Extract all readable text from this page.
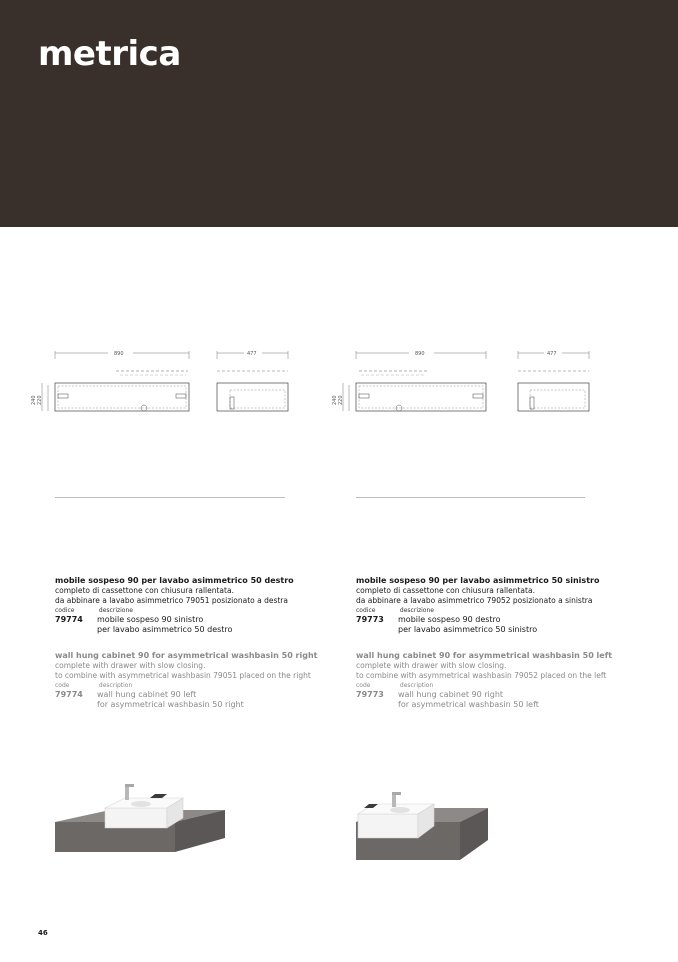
metrica
890
240 220
477	890
240 220
477
mobile sospeso 90 per lavabo asimmetrico 50 destro
completo di cassettone con chiusura rallentata.
da abbinare a lavabo asimmetrico 79051 posizionato a destra
codice	descrizione
79774	mobile sospeso 90 sinistro
per lavabo asimmetrico 50 destro
wall hung cabinet 90 for asymmetrical washbasin 50 right
complete with drawer with slow closing.
to combine with asymmetrical washbasin 79051 placed on the right
code	description
79774	wall hung cabinet 90 left
for asymmetrical washbasin 50 right
mobile sospeso 90 per lavabo asimmetrico 50 sinistro
completo di cassettone con chiusura rallentata.
da abbinare a lavabo asimmetrico 79052 posizionato a sinistra
codice	descrizione
79773	mobile sospeso 90 destro
per lavabo asimmetrico 50 sinistro
wall hung cabinet 90 for asymmetrical washbasin 50 left
complete with drawer with slow closing.
to combine with asymmetrical washbasin 79052 placed on the left
code	description
79773	wall hung cabinet 90 right
for asymmetrical washbasin 50 left
46
